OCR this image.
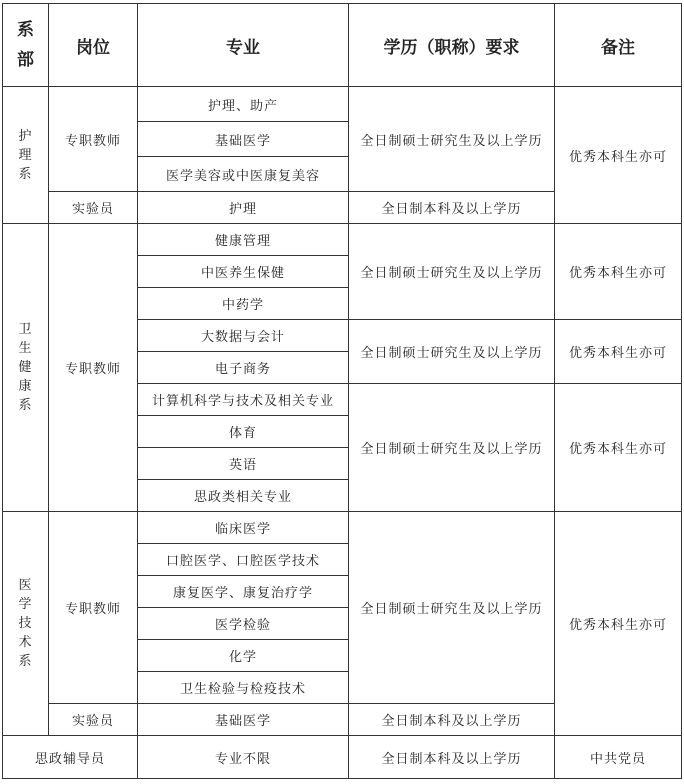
系
部	岗位	专业	学历（职称）要求	备注

护
理
系	专职教师	护理、助产	全日制硕士研究生及以上学历	优秀本科生亦可
		基础医学		
		医学美容或中医康复美容		
	实验员	护理	全日制本科及以上学历	

卫
生
健
康
系	专职教师	健康管理	全日制硕士研究生及以上学历	优秀本科生亦可
		中医养生保健		
		中药学		
		大数据与会计	全日制硕士研究生及以上学历	优秀本科生亦可
		电子商务		
		计算机科学与技术及相关专业	全日制硕士研究生及以上学历	优秀本科生亦可
		体育		
		英语		
		思政类相关专业		

医
学
技
术
系	专职教师	临床医学	全日制硕士研究生及以上学历	优秀本科生亦可
		口腔医学、口腔医学技术		
		康复医学、康复治疗学		
		医学检验		
		化学		
		卫生检验与检疫技术		
	实验员	基础医学	全日制本科及以上学历	
思政辅导员		专业不限	全日制本科及以上学历	中共党员
